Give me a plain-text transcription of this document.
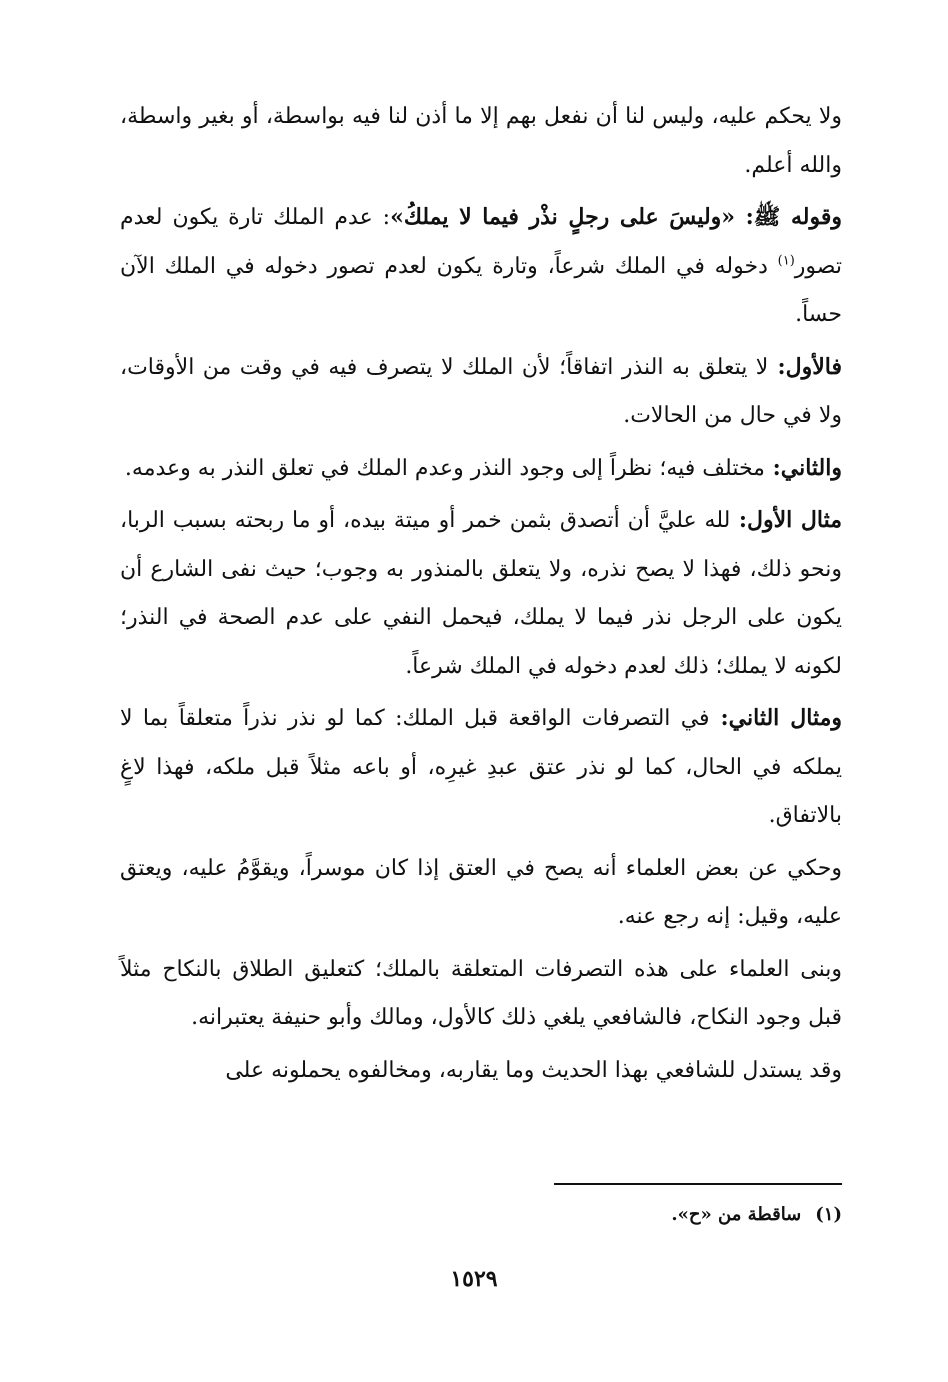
ولا يحكم عليه، وليس لنا أن نفعل بهم إلا ما أذن لنا فيه بواسطة، أو بغير واسطة، والله أعلم.

وقوله ﷺ: «وليسَ على رجلٍ نذْر فيما لا يملكُ»: عدم الملك تارة يكون لعدم تصور$^{(١)}$ دخوله في الملك شرعاً، وتارة يكون لعدم تصور دخوله في الملك الآن حساً.

فالأول: لا يتعلق به النذر اتفاقاً؛ لأن الملك لا يتصرف فيه في وقت من الأوقات، ولا في حال من الحالات.

والثاني: مختلف فيه؛ نظراً إلى وجود النذر وعدم الملك في تعلق النذر به وعدمه.

مثال الأول: لله عليَّ أن أتصدق بثمن خمر أو ميتة بيده، أو ما ربحته بسبب الربا، ونحو ذلك، فهذا لا يصح نذره، ولا يتعلق بالمنذور به وجوب؛ حيث نفى الشارع أن يكون على الرجل نذر فيما لا يملك، فيحمل النفي على عدم الصحة في النذر؛ لكونه لا يملك؛ ذلك لعدم دخوله في الملك شرعاً.

ومثال الثاني: في التصرفات الواقعة قبل الملك: كما لو نذر نذراً متعلقاً بما لا يملكه في الحال، كما لو نذر عتق عبدِ غيرِه، أو باعه مثلاً قبل ملكه، فهذا لاغٍ بالاتفاق.

وحكي عن بعض العلماء أنه يصح في العتق إذا كان موسراً، ويقوَّمُ عليه، ويعتق عليه، وقيل: إنه رجع عنه.

وبنى العلماء على هذه التصرفات المتعلقة بالملك؛ كتعليق الطلاق بالنكاح مثلاً قبل وجود النكاح، فالشافعي يلغي ذلك كالأول، ومالك وأبو حنيفة يعتبرانه.

وقد يستدل للشافعي بهذا الحديث وما يقاربه، ومخالفوه يحملونه على

(١)ساقطة من «ح».
١٥٢٩
